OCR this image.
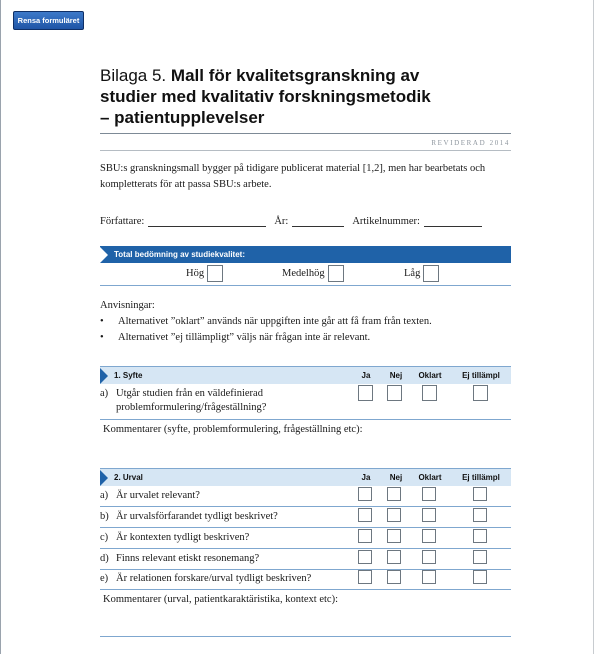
Rensa formuläret
Bilaga 5. Mall för kvalitetsgranskning av
studier med kvalitativ forskningsmetodik
– patientupplevelser
REVIDERAD 2014
SBU:s granskningsmall bygger på tidigare publicerat material [1,2], men har bearbetats och kompletterats för att passa SBU:s arbete.
Författare:	År:	Artikelnummer:
Total bedömning av studiekvalitet:
Hög	Medelhög	Låg
Anvisningar:
• Alternativet ”oklart” används när uppgiften inte går att få fram från texten.
• Alternativet ”ej tillämpligt” väljs när frågan inte är relevant.
1. Syfte	Ja	Nej	Oklart	Ej tillämpl
a) Utgår studien från en väldefinierad problemformulering/frågeställning?
Kommentarer (syfte, problemformulering, frågeställning etc):
2. Urval	Ja	Nej	Oklart	Ej tillämpl
a) Är urvalet relevant?
b) Är urvalsförfarandet tydligt beskrivet?
c) Är kontexten tydligt beskriven?
d) Finns relevant etiskt resonemang?
e) Är relationen forskare/urval tydligt beskriven?
Kommentarer (urval, patientkaraktäristika, kontext etc):
